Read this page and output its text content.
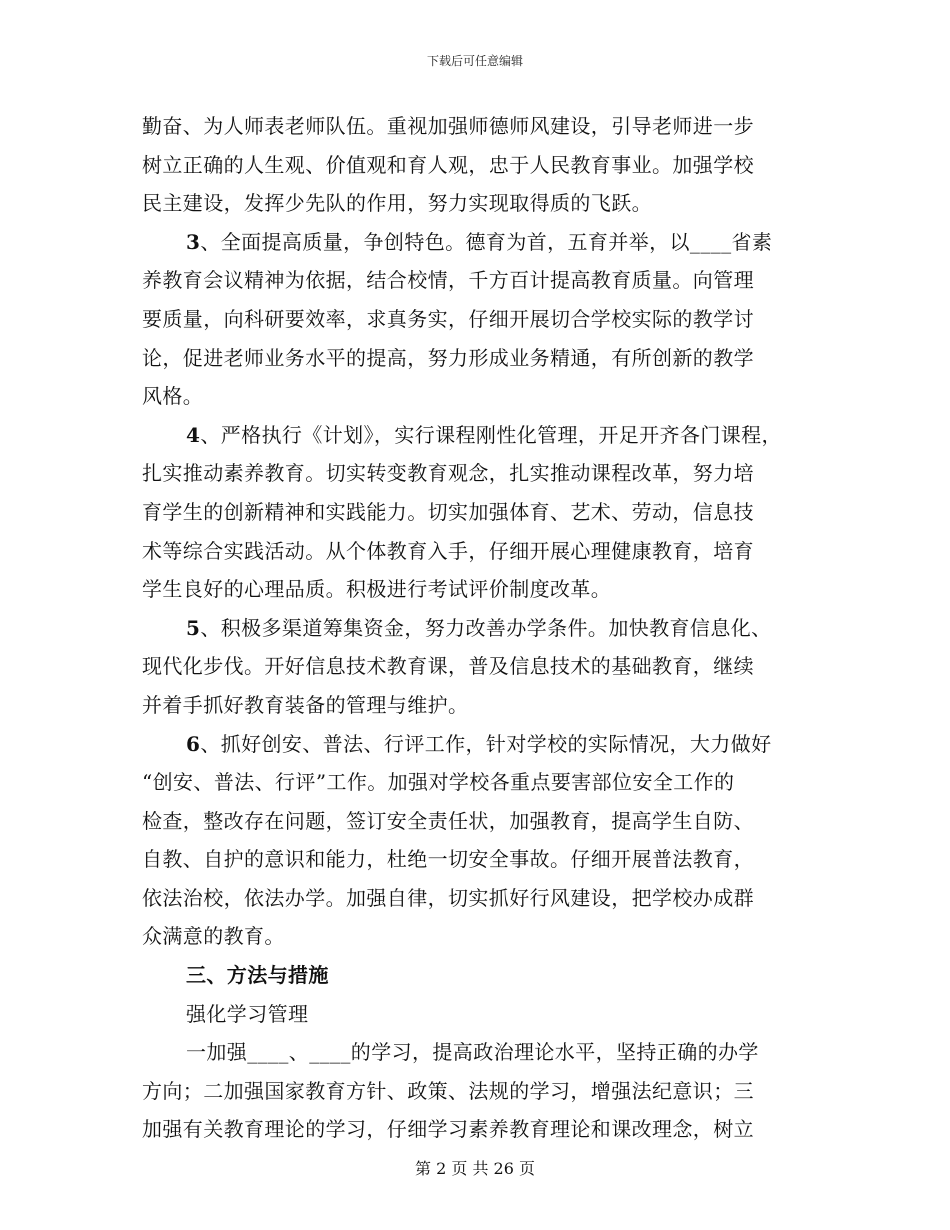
下载后可任意编辑
勤奋、为人师表老师队伍。重视加强师德师风建设，引导老师进一步
树立正确的人生观、价值观和育人观，忠于人民教育事业。加强学校
民主建设，发挥少先队的作用，努力实现取得质的飞跃。
3、全面提高质量，争创特色。德育为首，五育并举，以____省素
养教育会议精神为依据，结合校情，千方百计提高教育质量。向管理
要质量，向科研要效率，求真务实，仔细开展切合学校实际的教学讨
论，促进老师业务水平的提高，努力形成业务精通，有所创新的教学
风格。
4、严格执行《计划》，实行课程刚性化管理，开足开齐各门课程，
扎实推动素养教育。切实转变教育观念，扎实推动课程改革，努力培
育学生的创新精神和实践能力。切实加强体育、艺术、劳动，信息技
术等综合实践活动。从个体教育入手，仔细开展心理健康教育，培育
学生良好的心理品质。积极进行考试评价制度改革。
5、积极多渠道筹集资金，努力改善办学条件。加快教育信息化、
现代化步伐。开好信息技术教育课，普及信息技术的基础教育，继续
并着手抓好教育装备的管理与维护。
6、抓好创安、普法、行评工作，针对学校的实际情况，大力做好
“创安、普法、行评”工作。加强对学校各重点要害部位安全工作的
检查，整改存在问题，签订安全责任状，加强教育，提高学生自防、
自教、自护的意识和能力，杜绝一切安全事故。仔细开展普法教育，
依法治校，依法办学。加强自律，切实抓好行风建设，把学校办成群
众满意的教育。
三、方法与措施
强化学习管理
一加强____、____的学习，提高政治理论水平，坚持正确的办学
方向；二加强国家教育方针、政策、法规的学习，增强法纪意识；三
加强有关教育理论的学习，仔细学习素养教育理论和课改理念，树立
第 2 页 共 26 页
